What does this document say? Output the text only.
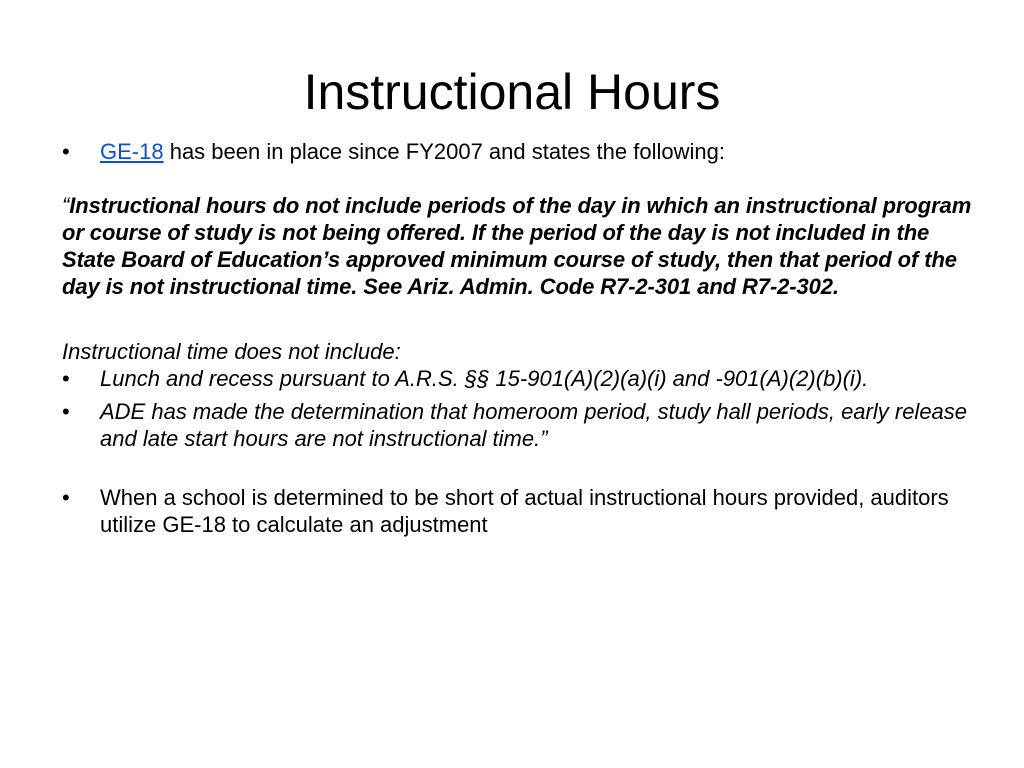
Instructional Hours
•	GE-18 has been in place since FY2007 and states the following:

“Instructional hours do not include periods of the day in which an instructional program or course of study is not being offered. If the period of the day is not included in the State Board of Education’s approved minimum course of study, then that period of the day is not instructional time. See Ariz. Admin. Code R7-2-301 and R7-2-302.

Instructional time does not include:

•	Lunch and recess pursuant to A.R.S. §§ 15-901(A)(2)(a)(i) and -901(A)(2)(b)(i).

•	ADE has made the determination that homeroom period, study hall periods, early release and late start hours are not instructional time.”

•	When a school is determined to be short of actual instructional hours provided, auditors utilize GE-18 to calculate an adjustment
